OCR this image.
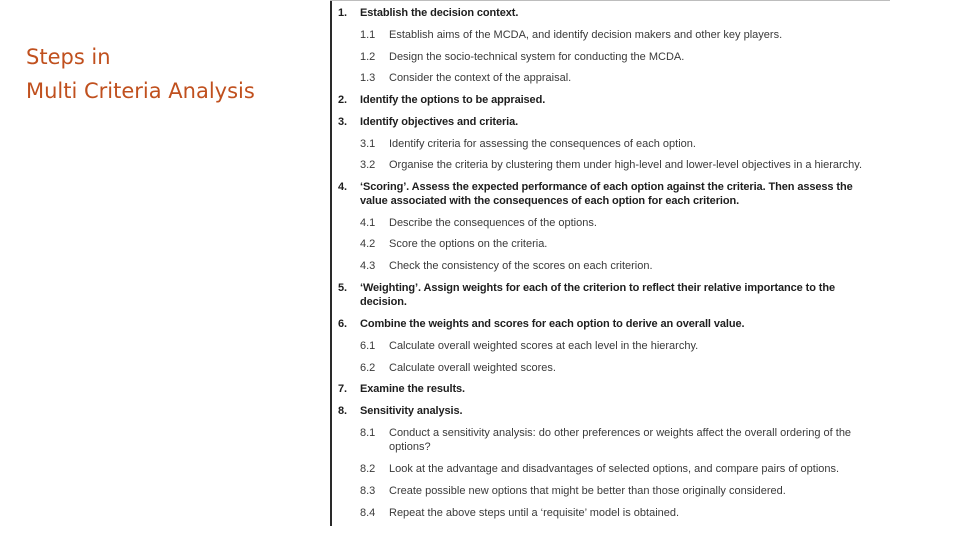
Steps in
Multi Criteria Analysis
1.	Establish the decision context.
1.1	Establish aims of the MCDA, and identify decision makers and other key players.
1.2	Design the socio-technical system for conducting the MCDA.
1.3	Consider the context of the appraisal.
2.	Identify the options to be appraised.
3.	Identify objectives and criteria.
3.1	Identify criteria for assessing the consequences of each option.
3.2	Organise the criteria by clustering them under high-level and lower-level objectives in a hierarchy.
4.	‘Scoring’. Assess the expected performance of each option against the criteria. Then assess the
value associated with the consequences of each option for each criterion.
4.1	Describe the consequences of the options.
4.2	Score the options on the criteria.
4.3	Check the consistency of the scores on each criterion.
5.	‘Weighting’. Assign weights for each of the criterion to reflect their relative importance to the
decision.
6.	Combine the weights and scores for each option to derive an overall value.
6.1	Calculate overall weighted scores at each level in the hierarchy.
6.2	Calculate overall weighted scores.
7.	Examine the results.
8.	Sensitivity analysis.
8.1	Conduct a sensitivity analysis: do other preferences or weights affect the overall ordering of the
options?
8.2	Look at the advantage and disadvantages of selected options, and compare pairs of options.
8.3	Create possible new options that might be better than those originally considered.
8.4	Repeat the above steps until a ‘requisite’ model is obtained.
